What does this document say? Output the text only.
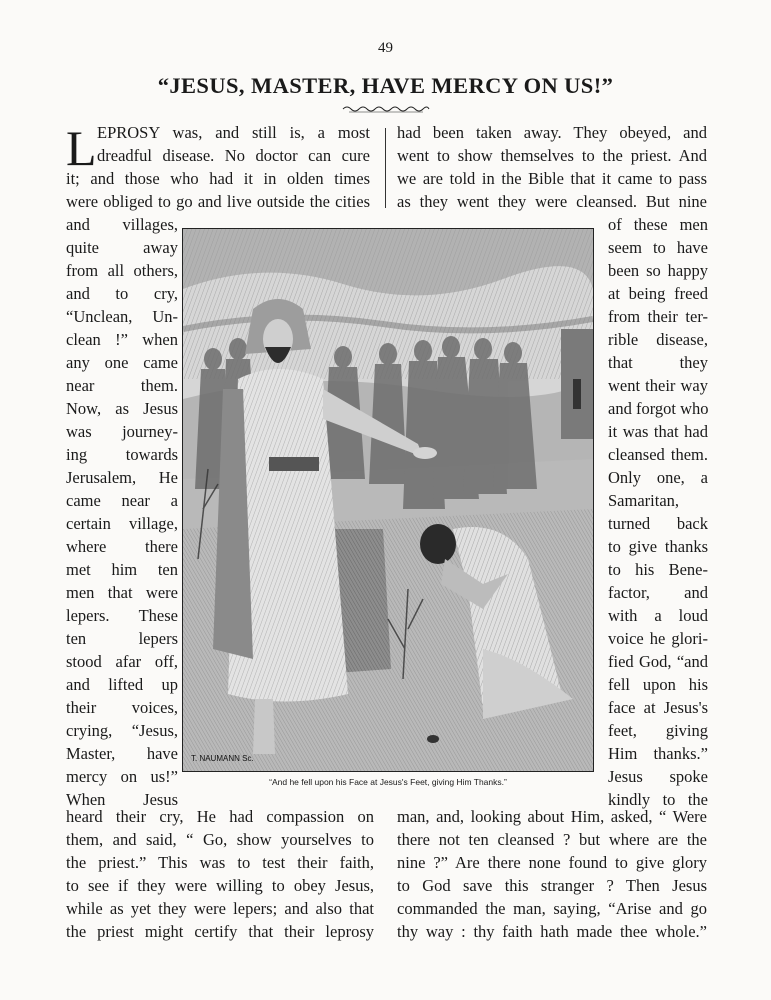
49
“JESUS, MASTER, HAVE MERCY ON US!”
L EPROSY was, and still is, a most
dreadful disease. No doctor can cure
it; and those who had it in olden times
were obliged to go and live outside the cities
had been taken away. They obeyed, and
went to show themselves to the priest. And
we are told in the Bible that it came to pass
as they went they were cleansed. But nine
and villages,
quite away
from all others,
and to cry,
“Unclean, Un-
clean !” when
any one came
near them.
Now, as Jesus
was journey-
ing towards
Jerusalem, He
came near a
certain village,
where there
met him ten
men that were
lepers. These
ten lepers
stood afar off,
and lifted up
their voices,
crying, “Jesus,
Master, have
mercy on us!”
When Jesus
of these men
seem to have
been so happy
at being freed
from their ter-
rible disease,
that they
went their way
and forgot who
it was that had
cleansed them.
Only one, a
Samaritan,
turned back
to give thanks
to his Bene-
factor, and
with a loud
voice he glori-
fied God, “and
fell upon his
face at Jesus's
feet, giving
Him thanks.”
Jesus spoke
kindly to the
T. NAUMANN Sc.
“And he fell upon his Face at Jesus's Feet, giving Him Thanks.”
heard their cry, He had compassion on
them, and said, “ Go, show yourselves to
the priest.” This was to test their faith,
to see if they were willing to obey Jesus,
while as yet they were lepers; and also that
the priest might certify that their leprosy
man, and, looking about Him, asked, “ Were
there not ten cleansed ? but where are the
nine ?” Are there none found to give glory
to God save this stranger ? Then Jesus
commanded the man, saying, “Arise and go
thy way : thy faith hath made thee whole.”
